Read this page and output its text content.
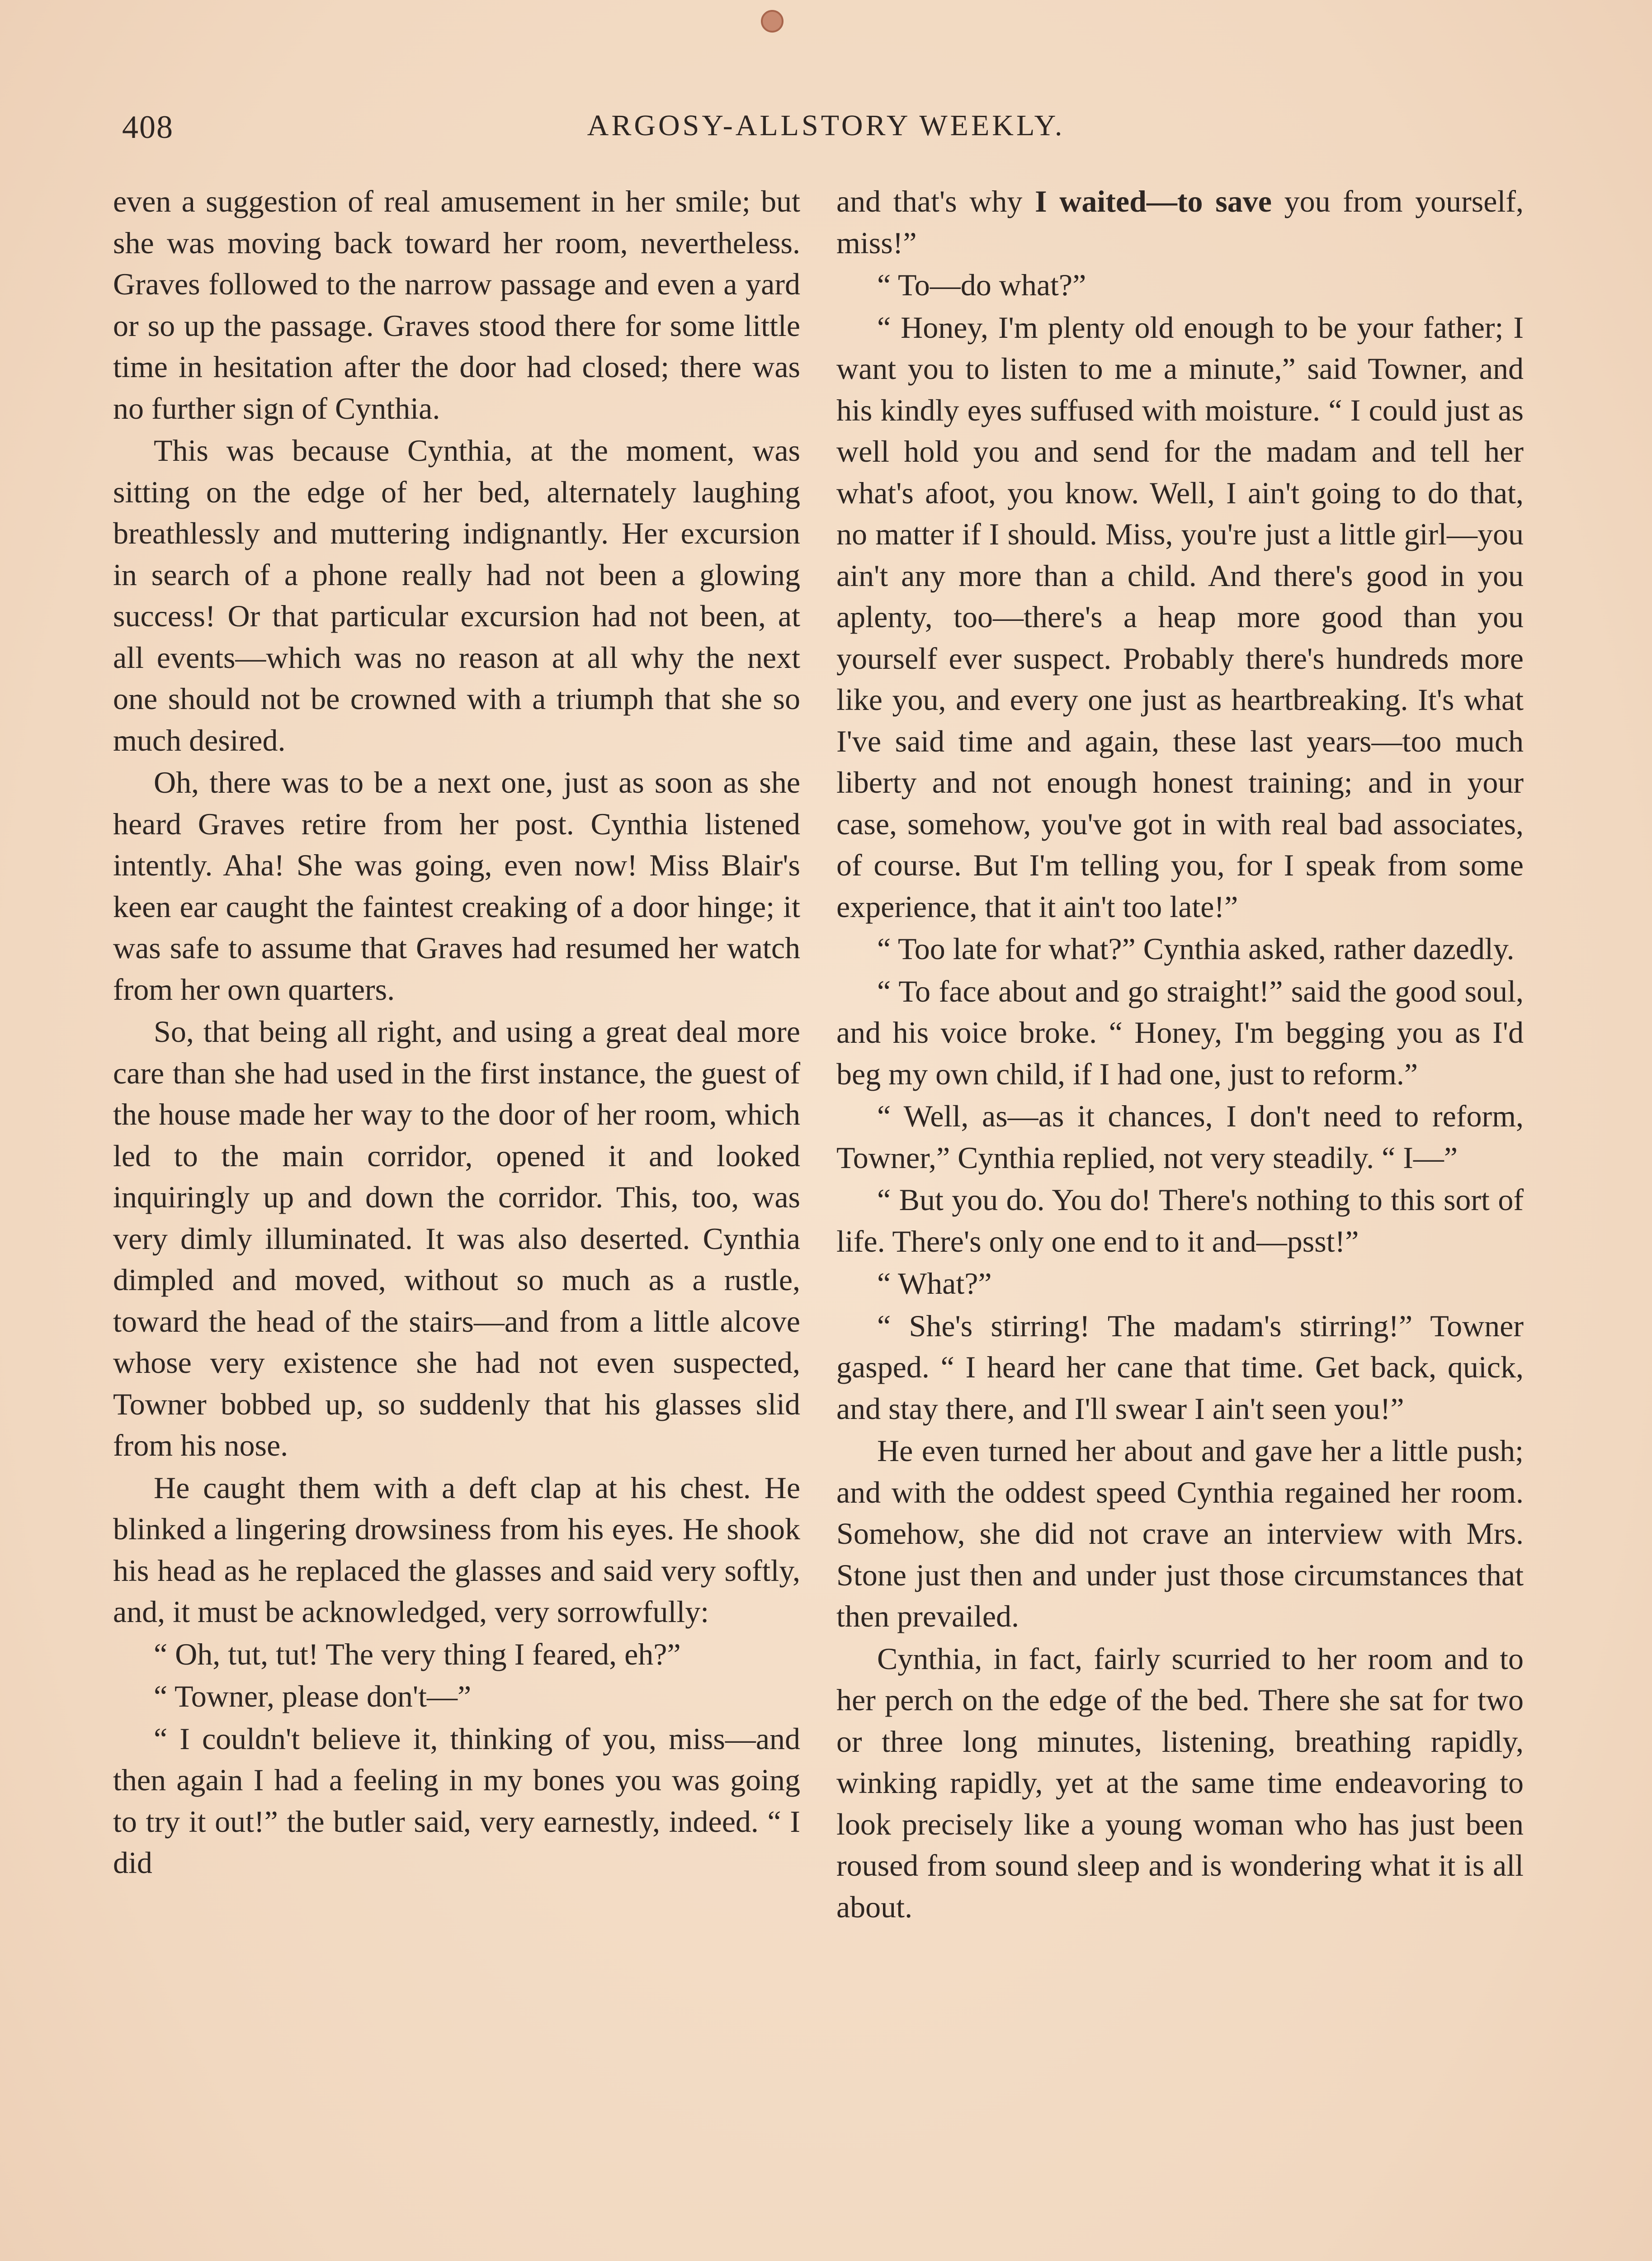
408	ARGOSY-ALLSTORY WEEKLY.

even a suggestion of real amusement in her smile; but she was moving back toward her room, nevertheless. Graves followed to the narrow passage and even a yard or so up the passage. Graves stood there for some little time in hesitation after the door had closed; there was no further sign of Cynthia.

This was because Cynthia, at the moment, was sitting on the edge of her bed, alternately laughing breathlessly and muttering indignantly. Her excursion in search of a phone really had not been a glowing success! Or that particular excursion had not been, at all events—which was no reason at all why the next one should not be crowned with a triumph that she so much desired.

Oh, there was to be a next one, just as soon as she heard Graves retire from her post. Cynthia listened intently. Aha! She was going, even now! Miss Blair's keen ear caught the faintest creaking of a door hinge; it was safe to assume that Graves had resumed her watch from her own quarters.

So, that being all right, and using a great deal more care than she had used in the first instance, the guest of the house made her way to the door of her room, which led to the main corridor, opened it and looked inquiringly up and down the corridor. This, too, was very dimly illuminated. It was also deserted. Cynthia dimpled and moved, without so much as a rustle, toward the head of the stairs—and from a little alcove whose very existence she had not even suspected, Towner bobbed up, so suddenly that his glasses slid from his nose.

He caught them with a deft clap at his chest. He blinked a lingering drowsiness from his eyes. He shook his head as he replaced the glasses and said very softly, and, it must be acknowledged, very sorrowfully:

“ Oh, tut, tut! The very thing I feared, eh?”

“ Towner, please don't—”

“ I couldn't believe it, thinking of you, miss—and then again I had a feeling in my bones you was going to try it out!” the butler said, very earnestly, indeed. “ I did

and that's why I waited—to save you from yourself, miss!”

“ To—do what?”

“ Honey, I'm plenty old enough to be your father; I want you to listen to me a minute,” said Towner, and his kindly eyes suffused with moisture. “ I could just as well hold you and send for the madam and tell her what's afoot, you know. Well, I ain't going to do that, no matter if I should. Miss, you're just a little girl—you ain't any more than a child. And there's good in you aplenty, too—there's a heap more good than you yourself ever suspect. Probably there's hundreds more like you, and every one just as heartbreaking. It's what I've said time and again, these last years—too much liberty and not enough honest training; and in your case, somehow, you've got in with real bad associates, of course. But I'm telling you, for I speak from some experience, that it ain't too late!”

“ Too late for what?” Cynthia asked, rather dazedly.

“ To face about and go straight!” said the good soul, and his voice broke. “ Honey, I'm begging you as I'd beg my own child, if I had one, just to reform.”

“ Well, as—as it chances, I don't need to reform, Towner,” Cynthia replied, not very steadily. “ I—”

“ But you do. You do! There's nothing to this sort of life. There's only one end to it and—psst!”

“ What?”

“ She's stirring! The madam's stirring!” Towner gasped. “ I heard her cane that time. Get back, quick, and stay there, and I'll swear I ain't seen you!”

He even turned her about and gave her a little push; and with the oddest speed Cynthia regained her room. Somehow, she did not crave an interview with Mrs. Stone just then and under just those circumstances that then prevailed.

Cynthia, in fact, fairly scurried to her room and to her perch on the edge of the bed. There she sat for two or three long minutes, listening, breathing rapidly, winking rapidly, yet at the same time endeavoring to look precisely like a young woman who has just been roused from sound sleep and is wondering what it is all about.
